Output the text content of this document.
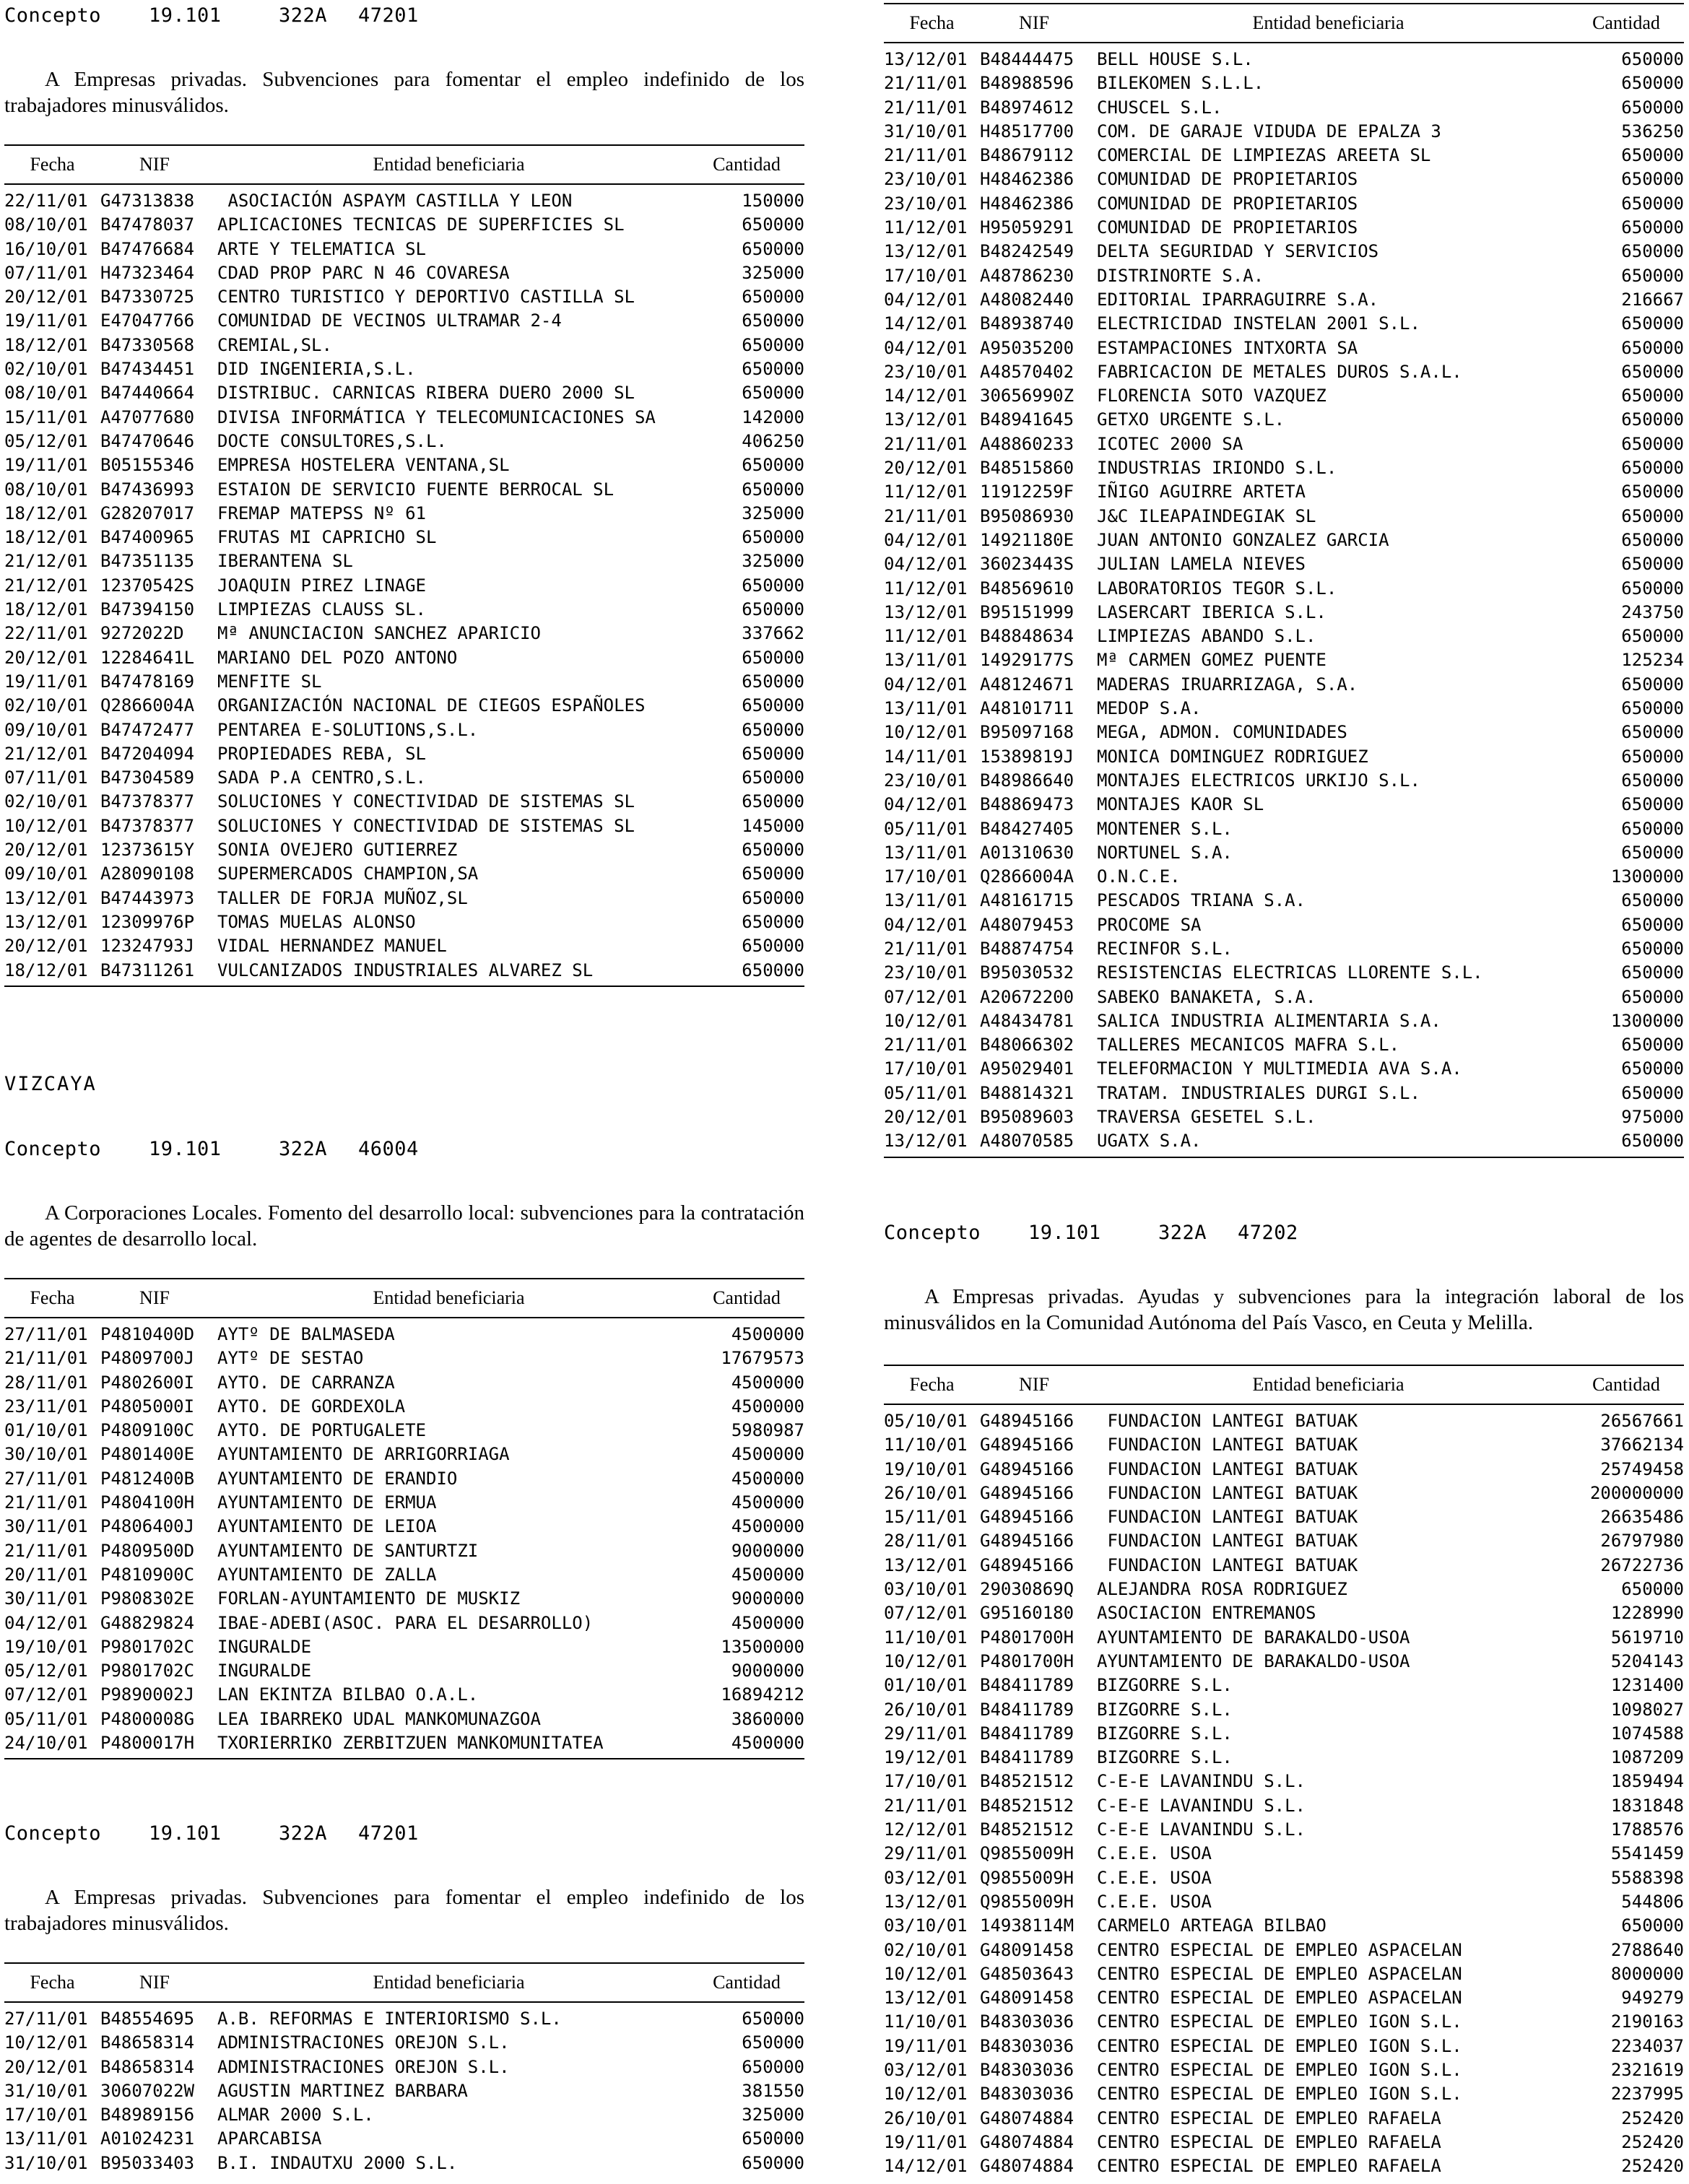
Concepto 19.101	322A 47201
A Empresas privadas. Subvenciones para fomentar el empleo indefinido de los trabajadores minusválidos.
Fecha	NIF	Entidad beneficiaria	Cantidad
22/11/01 G47313838	ASOCIACIÓN ASPAYM CASTILLA Y LEON	150000
08/10/01 B47478037	APLICACIONES TECNICAS DE SUPERFICIES SL	650000
16/10/01 B47476684	ARTE Y TELEMATICA SL	650000
07/11/01 H47323464	CDAD PROP PARC N 46 COVARESA	325000
20/12/01 B47330725	CENTRO TURISTICO Y DEPORTIVO CASTILLA SL	650000
19/11/01 E47047766	COMUNIDAD DE VECINOS ULTRAMAR 2-4	650000
18/12/01 B47330568	CREMIAL,SL.	650000
02/10/01 B47434451	DID INGENIERIA,S.L.	650000
08/10/01 B47440664	DISTRIBUC. CARNICAS RIBERA DUERO 2000 SL	650000
15/11/01 A47077680	DIVISA INFORMÁTICA Y TELECOMUNICACIONES SA	142000
05/12/01 B47470646	DOCTE CONSULTORES,S.L.	406250
19/11/01 B05155346	EMPRESA HOSTELERA VENTANA,SL	650000
08/10/01 B47436993	ESTAION DE SERVICIO FUENTE BERROCAL SL	650000
18/12/01 G28207017	FREMAP MATEPSS Nº 61	325000
18/12/01 B47400965	FRUTAS MI CAPRICHO SL	650000
21/12/01 B47351135	IBERANTENA SL	325000
21/12/01 12370542S	JOAQUIN PIREZ LINAGE	650000
18/12/01 B47394150	LIMPIEZAS CLAUSS SL.	650000
22/11/01 9272022D	Mª ANUNCIACION SANCHEZ APARICIO	337662
20/12/01 12284641L	MARIANO DEL POZO ANTONO	650000
19/11/01 B47478169	MENFITE SL	650000
02/10/01 Q2866004A	ORGANIZACIÓN NACIONAL DE CIEGOS ESPAÑOLES	650000
09/10/01 B47472477	PENTAREA E-SOLUTIONS,S.L.	650000
21/12/01 B47204094	PROPIEDADES REBA, SL	650000
07/11/01 B47304589	SADA P.A CENTRO,S.L.	650000
02/10/01 B47378377	SOLUCIONES Y CONECTIVIDAD DE SISTEMAS SL	650000
10/12/01 B47378377	SOLUCIONES Y CONECTIVIDAD DE SISTEMAS SL	145000
20/12/01 12373615Y	SONIA OVEJERO GUTIERREZ	650000
09/10/01 A28090108	SUPERMERCADOS CHAMPION,SA	650000
13/12/01 B47443973	TALLER DE FORJA MUÑOZ,SL	650000
13/12/01 12309976P	TOMAS MUELAS ALONSO	650000
20/12/01 12324793J	VIDAL HERNANDEZ MANUEL	650000
18/12/01 B47311261	VULCANIZADOS INDUSTRIALES ALVAREZ SL	650000
VIZCAYA
Concepto 19.101	322A 46004
A Corporaciones Locales. Fomento del desarrollo local: subvenciones para la contratación de agentes de desarrollo local.
Fecha	NIF	Entidad beneficiaria	Cantidad
27/11/01 P4810400D	AYTº DE BALMASEDA	4500000
21/11/01 P4809700J	AYTº DE SESTAO	17679573
28/11/01 P4802600I	AYTO. DE CARRANZA	4500000
23/11/01 P4805000I	AYTO. DE GORDEXOLA	4500000
01/10/01 P4809100C	AYTO. DE PORTUGALETE	5980987
30/10/01 P4801400E	AYUNTAMIENTO DE ARRIGORRIAGA	4500000
27/11/01 P4812400B	AYUNTAMIENTO DE ERANDIO	4500000
21/11/01 P4804100H	AYUNTAMIENTO DE ERMUA	4500000
30/11/01 P4806400J	AYUNTAMIENTO DE LEIOA	4500000
21/11/01 P4809500D	AYUNTAMIENTO DE SANTURTZI	9000000
20/11/01 P4810900C	AYUNTAMIENTO DE ZALLA	4500000
30/11/01 P9808302E	FORLAN-AYUNTAMIENTO DE MUSKIZ	9000000
04/12/01 G48829824	IBAE-ADEBI(ASOC. PARA EL DESARROLLO)	4500000
19/10/01 P9801702C	INGURALDE	13500000
05/12/01 P9801702C	INGURALDE	9000000
07/12/01 P9890002J	LAN EKINTZA BILBAO O.A.L.	16894212
05/11/01 P4800008G	LEA IBARREKO UDAL MANKOMUNAZGOA	3860000
24/10/01 P4800017H	TXORIERRIKO ZERBITZUEN MANKOMUNITATEA	4500000
Concepto 19.101	322A 47201
A Empresas privadas. Subvenciones para fomentar el empleo indefinido de los trabajadores minusválidos.
Fecha	NIF	Entidad beneficiaria	Cantidad
27/11/01 B48554695	A.B. REFORMAS E INTERIORISMO S.L.	650000
10/12/01 B48658314	ADMINISTRACIONES OREJON S.L.	650000
20/12/01 B48658314	ADMINISTRACIONES OREJON S.L.	650000
31/10/01 30607022W	AGUSTIN MARTINEZ BARBARA	381550
17/10/01 B48989156	ALMAR 2000 S.L.	325000
13/11/01 A01024231	APARCABISA	650000
31/10/01 B95033403	B.I. INDAUTXU 2000 S.L.	650000
Fecha	NIF	Entidad beneficiaria	Cantidad
13/12/01 B48444475	BELL HOUSE S.L.	650000
21/11/01 B48988596	BILEKOMEN S.L.L.	650000
21/11/01 B48974612	CHUSCEL S.L.	650000
31/10/01 H48517700	COM. DE GARAJE VIDUDA DE EPALZA 3	536250
21/11/01 B48679112	COMERCIAL DE LIMPIEZAS AREETA SL	650000
23/10/01 H48462386	COMUNIDAD DE PROPIETARIOS	650000
23/10/01 H48462386	COMUNIDAD DE PROPIETARIOS	650000
11/12/01 H95059291	COMUNIDAD DE PROPIETARIOS	650000
13/12/01 B48242549	DELTA SEGURIDAD Y SERVICIOS	650000
17/10/01 A48786230	DISTRINORTE S.A.	650000
04/12/01 A48082440	EDITORIAL IPARRAGUIRRE S.A.	216667
14/12/01 B48938740	ELECTRICIDAD INSTELAN 2001 S.L.	650000
04/12/01 A95035200	ESTAMPACIONES INTXORTA SA	650000
23/10/01 A48570402	FABRICACION DE METALES DUROS S.A.L.	650000
14/12/01 30656990Z	FLORENCIA SOTO VAZQUEZ	650000
13/12/01 B48941645	GETXO URGENTE S.L.	650000
21/11/01 A48860233	ICOTEC 2000 SA	650000
20/12/01 B48515860	INDUSTRIAS IRIONDO S.L.	650000
11/12/01 11912259F	IÑIGO AGUIRRE ARTETA	650000
21/11/01 B95086930	J&C ILEAPAINDEGIAK SL	650000
04/12/01 14921180E	JUAN ANTONIO GONZALEZ GARCIA	650000
04/12/01 36023443S	JULIAN LAMELA NIEVES	650000
11/12/01 B48569610	LABORATORIOS TEGOR S.L.	650000
13/12/01 B95151999	LASERCART IBERICA S.L.	243750
11/12/01 B48848634	LIMPIEZAS ABANDO S.L.	650000
13/11/01 14929177S	Mª CARMEN GOMEZ PUENTE	125234
04/12/01 A48124671	MADERAS IRUARRIZAGA, S.A.	650000
13/11/01 A48101711	MEDOP S.A.	650000
10/12/01 B95097168	MEGA, ADMON. COMUNIDADES	650000
14/11/01 15389819J	MONICA DOMINGUEZ RODRIGUEZ	650000
23/10/01 B48986640	MONTAJES ELECTRICOS URKIJO S.L.	650000
04/12/01 B48869473	MONTAJES KAOR SL	650000
05/11/01 B48427405	MONTENER S.L.	650000
13/11/01 A01310630	NORTUNEL S.A.	650000
17/10/01 Q2866004A	O.N.C.E.	1300000
13/11/01 A48161715	PESCADOS TRIANA S.A.	650000
04/12/01 A48079453	PROCOME SA	650000
21/11/01 B48874754	RECINFOR S.L.	650000
23/10/01 B95030532	RESISTENCIAS ELECTRICAS LLORENTE S.L.	650000
07/12/01 A20672200	SABEKO BANAKETA, S.A.	650000
10/12/01 A48434781	SALICA INDUSTRIA ALIMENTARIA S.A.	1300000
21/11/01 B48066302	TALLERES MECANICOS MAFRA S.L.	650000
17/10/01 A95029401	TELEFORMACION Y MULTIMEDIA AVA S.A.	650000
05/11/01 B48814321	TRATAM. INDUSTRIALES DURGI S.L.	650000
20/12/01 B95089603	TRAVERSA GESETEL S.L.	975000
13/12/01 A48070585	UGATX S.A.	650000
Concepto 19.101	322A 47202
A Empresas privadas. Ayudas y subvenciones para la integración laboral de los minusválidos en la Comunidad Autónoma del País Vasco, en Ceuta y Melilla.
Fecha	NIF	Entidad beneficiaria	Cantidad
05/10/01 G48945166	FUNDACION LANTEGI BATUAK	26567661
11/10/01 G48945166	FUNDACION LANTEGI BATUAK	37662134
19/10/01 G48945166	FUNDACION LANTEGI BATUAK	25749458
26/10/01 G48945166	FUNDACION LANTEGI BATUAK	200000000
15/11/01 G48945166	FUNDACION LANTEGI BATUAK	26635486
28/11/01 G48945166	FUNDACION LANTEGI BATUAK	26797980
13/12/01 G48945166	FUNDACION LANTEGI BATUAK	26722736
03/10/01 29030869Q	ALEJANDRA ROSA RODRIGUEZ	650000
07/12/01 G95160180	ASOCIACION ENTREMANOS	1228990
11/10/01 P4801700H	AYUNTAMIENTO DE BARAKALDO-USOA	5619710
10/12/01 P4801700H	AYUNTAMIENTO DE BARAKALDO-USOA	5204143
01/10/01 B48411789	BIZGORRE S.L.	1231400
26/10/01 B48411789	BIZGORRE S.L.	1098027
29/11/01 B48411789	BIZGORRE S.L.	1074588
19/12/01 B48411789	BIZGORRE S.L.	1087209
17/10/01 B48521512	C-E-E LAVANINDU S.L.	1859494
21/11/01 B48521512	C-E-E LAVANINDU S.L.	1831848
12/12/01 B48521512	C-E-E LAVANINDU S.L.	1788576
29/11/01 Q9855009H	C.E.E. USOA	5541459
03/12/01 Q9855009H	C.E.E. USOA	5588398
13/12/01 Q9855009H	C.E.E. USOA	544806
03/10/01 14938114M	CARMELO ARTEAGA BILBAO	650000
02/10/01 G48091458	CENTRO ESPECIAL DE EMPLEO ASPACELAN	2788640
10/12/01 G48503643	CENTRO ESPECIAL DE EMPLEO ASPACELAN	8000000
13/12/01 G48091458	CENTRO ESPECIAL DE EMPLEO ASPACELAN	949279
11/10/01 B48303036	CENTRO ESPECIAL DE EMPLEO IGON S.L.	2190163
19/11/01 B48303036	CENTRO ESPECIAL DE EMPLEO IGON S.L.	2234037
03/12/01 B48303036	CENTRO ESPECIAL DE EMPLEO IGON S.L.	2321619
10/12/01 B48303036	CENTRO ESPECIAL DE EMPLEO IGON S.L.	2237995
26/10/01 G48074884	CENTRO ESPECIAL DE EMPLEO RAFAELA	252420
19/11/01 G48074884	CENTRO ESPECIAL DE EMPLEO RAFAELA	252420
14/12/01 G48074884	CENTRO ESPECIAL DE EMPLEO RAFAELA	252420
